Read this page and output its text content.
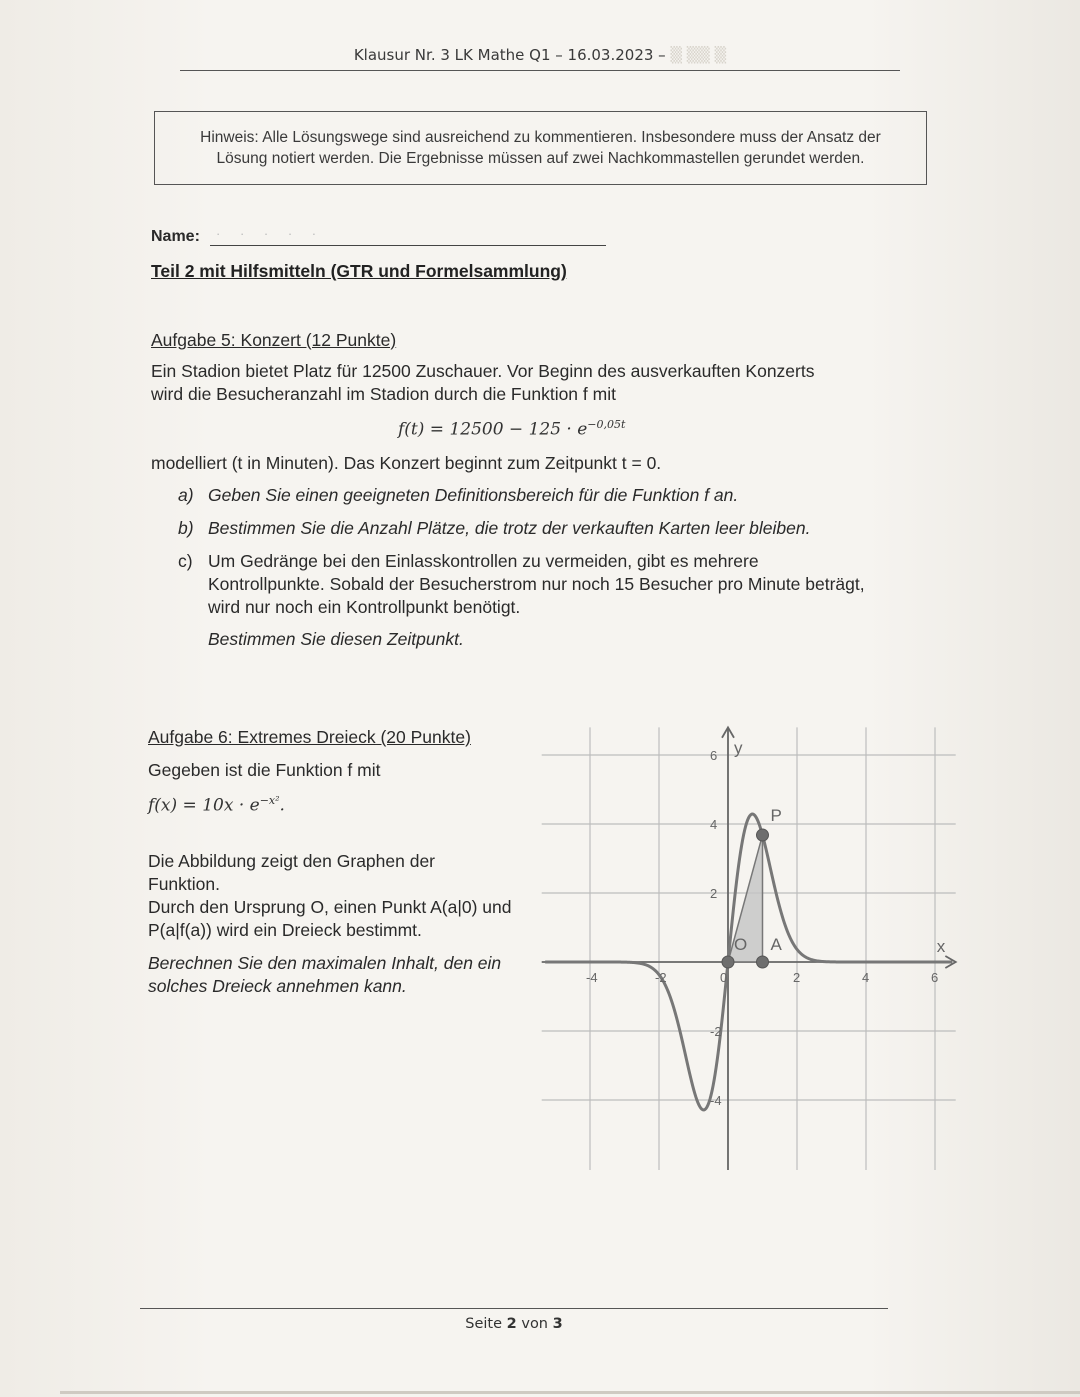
Klausur Nr. 3 LK Mathe Q1 – 16.03.2023 – ▒ ▒▒ ▒
Hinweis: Alle Lösungswege sind ausreichend zu kommentieren. Insbesondere muss der Ansatz der Lösung notiert werden. Die Ergebnisse müssen auf zwei Nachkommastellen gerundet werden.
Name: · · · · ·
Teil 2 mit Hilfsmitteln (GTR und Formelsammlung)
Aufgabe 5: Konzert (12 Punkte)
Ein Stadion bietet Platz für 12500 Zuschauer. Vor Beginn des ausverkauften Konzerts wird die Besucheranzahl im Stadion durch die Funktion f mit
$f(t) = 12500 - 125 \cdot e^{-0,05t}$
modelliert (t in Minuten). Das Konzert beginnt zum Zeitpunkt t = 0.
a) Geben Sie einen geeigneten Definitionsbereich für die Funktion f an.
b) Bestimmen Sie die Anzahl Plätze, die trotz der verkauften Karten leer bleiben.
c) Um Gedränge bei den Einlasskontrollen zu vermeiden, gibt es mehrere Kontrollpunkte. Sobald der Besucherstrom nur noch 15 Besucher pro Minute beträgt, wird nur noch ein Kontrollpunkt benötigt.
Bestimmen Sie diesen Zeitpunkt.
Aufgabe 6: Extremes Dreieck (20 Punkte)
Gegeben ist die Funktion f mit
$f(x) = 10x \cdot e^{-x^2}$.
Die Abbildung zeigt den Graphen der Funktion.
Durch den Ursprung O, einen Punkt A(a|0) und P(a|f(a)) wird ein Dreieck bestimmt.
Berechnen Sie den maximalen Inhalt, den ein solches Dreieck annehmen kann.	-4	-2	0	2	4	6
6
4
2
-2
-4
x
y
O A
P
Seite 2 von 3
